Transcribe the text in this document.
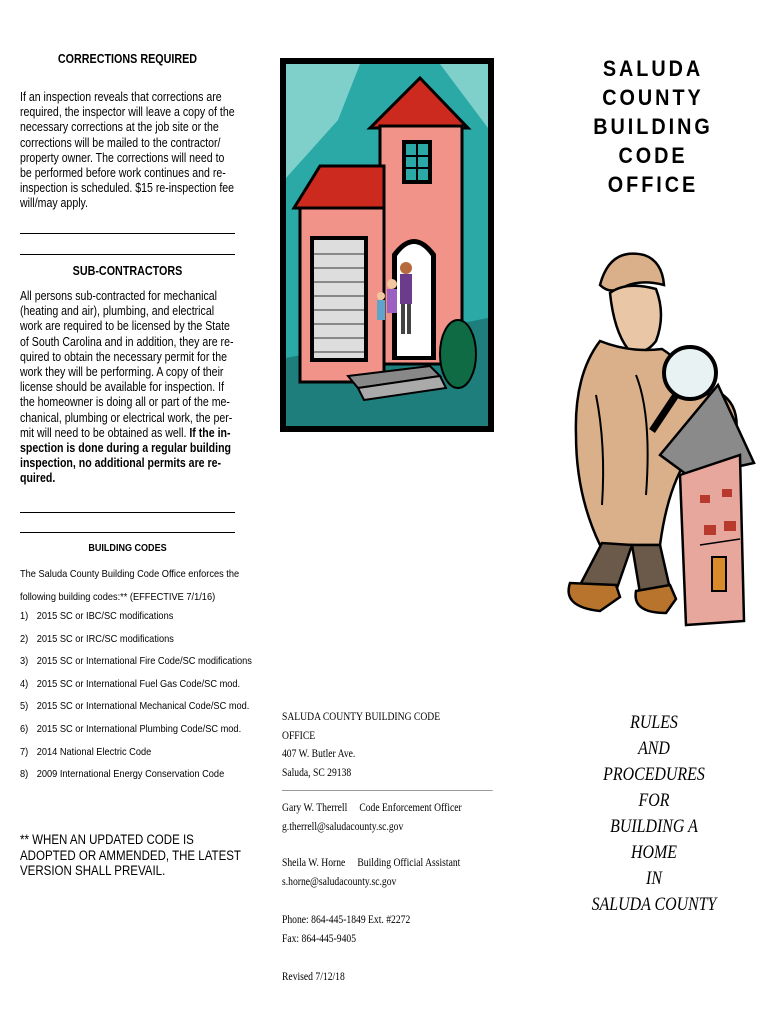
CORRECTIONS REQUIRED
If an inspection reveals that corrections are required, the inspector will leave a copy of the necessary corrections at the job site or the corrections will be mailed to the contractor/ property owner. The corrections will need to be performed before work continues and re-inspection is scheduled. $15 re-inspection fee will/may apply.
SUB-CONTRACTORS
All persons sub-contracted for mechanical (heating and air), plumbing, and electrical work are required to be licensed by the State of South Carolina and in addition, they are re-quired to obtain the necessary permit for the work they will be performing. A copy of their license should be available for inspection. If the homeowner is doing all or part of the me-chanical, plumbing or electrical work, the per-mit will need to be obtained as well. If the in-spection is done during a regular building inspection, no additional permits are re-quired.
BUILDING CODES
The Saluda County Building Code Office enforces the
following building codes:** (EFFECTIVE 7/1/16)
1) 2015 SC or IBC/SC modifications
2) 2015 SC or IRC/SC modifications
3) 2015 SC or International Fire Code/SC modifications
4) 2015 SC or International Fuel Gas Code/SC mod.
5) 2015 SC or International Mechanical Code/SC mod.
6) 2015 SC or International Plumbing Code/SC mod.
7) 2014 National Electric Code
8) 2009 International Energy Conservation Code
** WHEN AN UPDATED CODE IS ADOPTED OR AMMENDED, THE LATEST VERSION SHALL PREVAIL.
SALUDA COUNTY BUILDING CODE OFFICE
407 W. Butler Ave.
Saluda, SC 29138
Gary W. Therrell Code Enforcement Officer
g.therrell@saludacounty.sc.gov
Sheila W. Horne Building Official Assistant
s.horne@saludacounty.sc.gov
Phone: 864-445-1849 Ext. #2272
Fax: 864-445-9405
Revised 7/12/18
SALUDA COUNTY
BUILDING
CODE
OFFICE
RULES
AND
PROCEDURES
FOR
BUILDING A HOME
IN
SALUDA COUNTY
